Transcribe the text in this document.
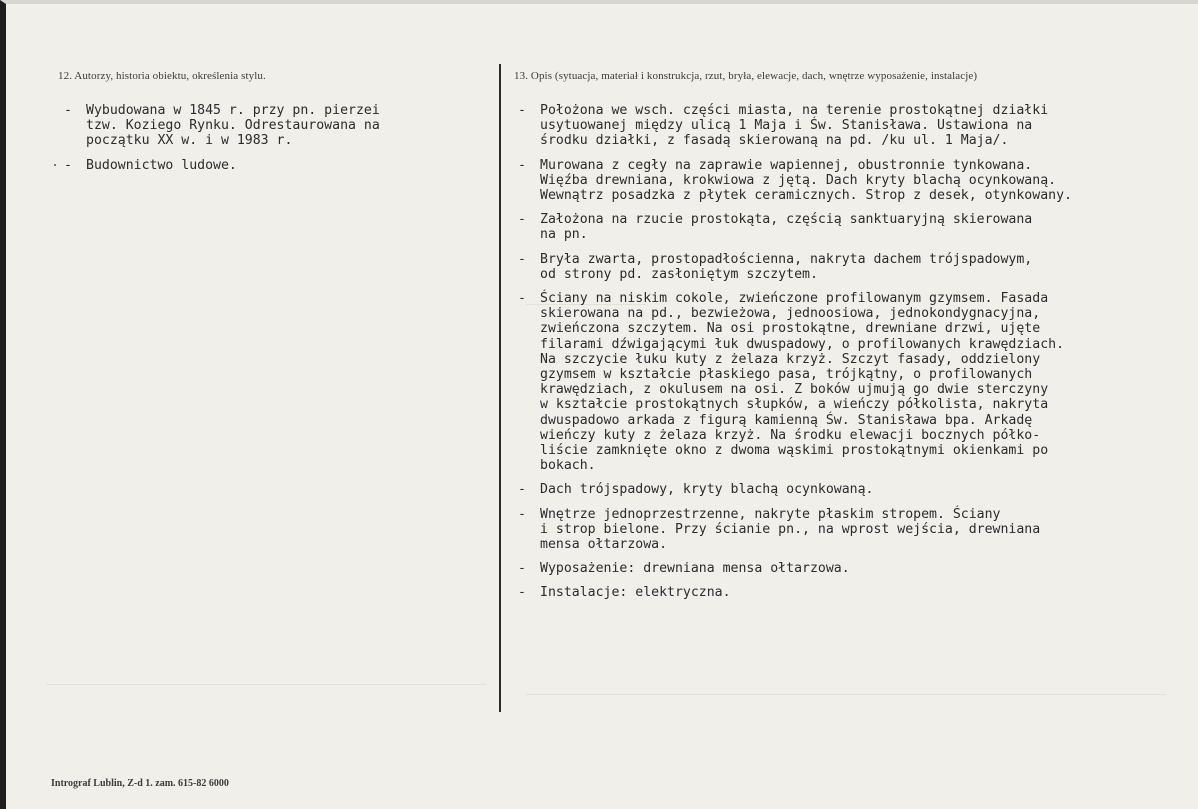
12. Autorzy, historia obiektu, określenia stylu.	13. Opis (sytuacja, materiał i konstrukcja, rzut, bryła, elewacje, dach, wnętrze wyposażenie, instalacje)
-	Wybudowana w 1845 r. przy pn. pierzei
tzw. Koziego Rynku. Odrestaurowana na
początku XX w. i w 1983 r.
-	Budownictwo ludowe.
-	Położona we wsch. części miasta, na terenie prostokątnej działki
usytuowanej między ulicą 1 Maja i Św. Stanisława. Ustawiona na
środku działki, z fasadą skierowaną na pd. /ku ul. 1 Maja/.
-	Murowana z cegły na zaprawie wapiennej, obustronnie tynkowana.
Więźba drewniana, krokwiowa z jętą. Dach kryty blachą ocynkowaną.
Wewnątrz posadzka z płytek ceramicznych. Strop z desek, otynkowany.
-	Założona na rzucie prostokąta, częścią sanktuaryjną skierowana
na pn.
-	Bryła zwarta, prostopadłościenna, nakryta dachem trójspadowym,
od strony pd. zasłoniętym szczytem.
-	Ściany na niskim cokole, zwieńczone profilowanym gzymsem. Fasada
skierowana na pd., bezwieżowa, jednoosiowa, jednokondygnacyjna,
zwieńczona szczytem. Na osi prostokątne, drewniane drzwi, ujęte
filarami dźwigającymi łuk dwuspadowy, o profilowanych krawędziach.
Na szczycie łuku kuty z żelaza krzyż. Szczyt fasady, oddzielony
gzymsem w kształcie płaskiego pasa, trójkątny, o profilowanych
krawędziach, z okulusem na osi. Z boków ujmują go dwie sterczyny
w kształcie prostokątnych słupków, a wieńczy półkolista, nakryta
dwuspadowo arkada z figurą kamienną Św. Stanisława bpa. Arkadę
wieńczy kuty z żelaza krzyż. Na środku elewacji bocznych półko-
liście zamknięte okno z dwoma wąskimi prostokątnymi okienkami po
bokach.
-	Dach trójspadowy, kryty blachą ocynkowaną.
-	Wnętrze jednoprzestrzenne, nakryte płaskim stropem. Ściany
i strop bielone. Przy ścianie pn., na wprost wejścia, drewniana
mensa ołtarzowa.
-	Wyposażenie: drewniana mensa ołtarzowa.
-	Instalacje: elektryczna.
Introgra​f Lublin, Z-d 1. zam. 615-82 6000
